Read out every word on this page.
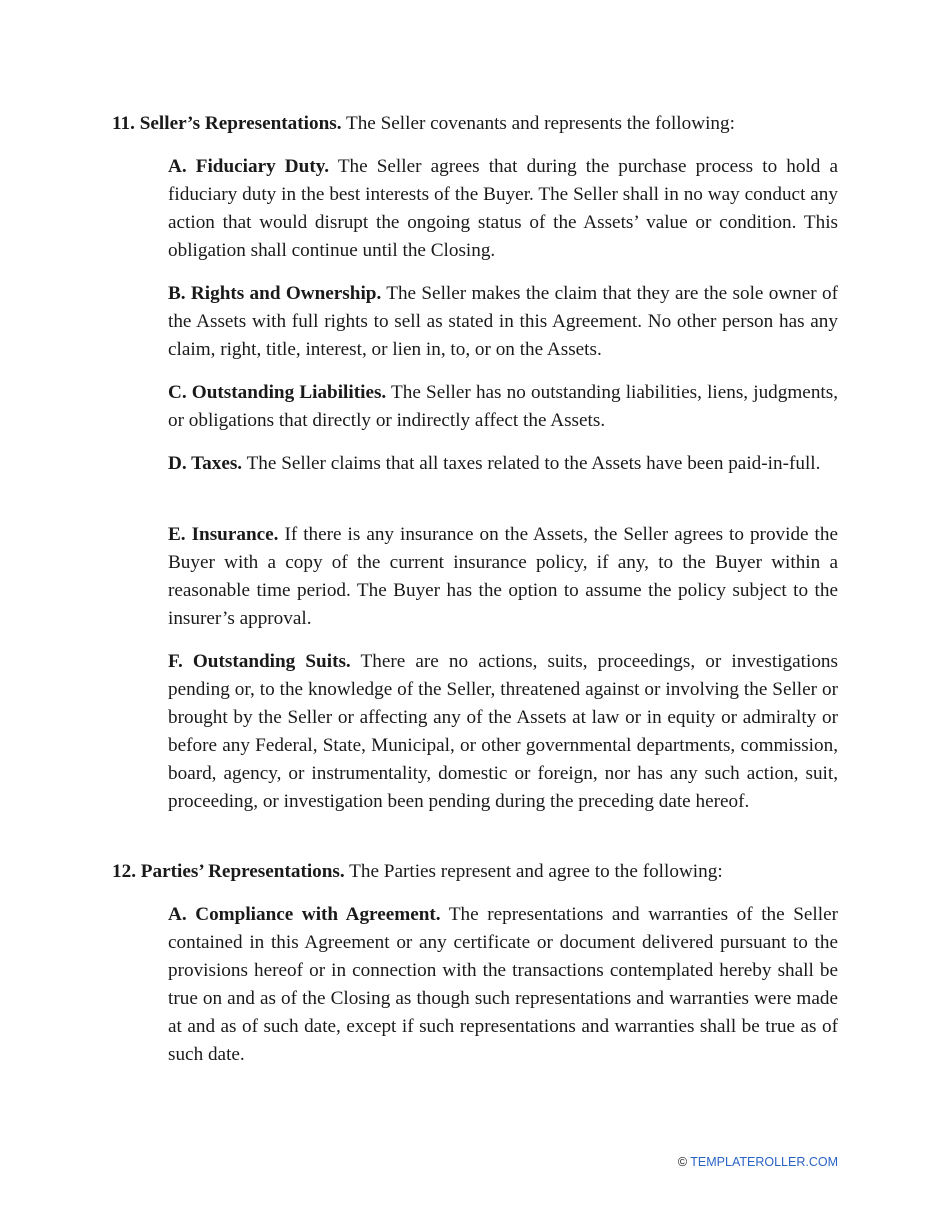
11. Seller’s Representations. The Seller covenants and represents the following:

A. Fiduciary Duty. The Seller agrees that during the purchase process to hold a fiduciary duty in the best interests of the Buyer. The Seller shall in no way conduct any action that would disrupt the ongoing status of the Assets’ value or condition. This obligation shall continue until the Closing.

B. Rights and Ownership. The Seller makes the claim that they are the sole owner of the Assets with full rights to sell as stated in this Agreement. No other person has any claim, right, title, interest, or lien in, to, or on the Assets.

C. Outstanding Liabilities. The Seller has no outstanding liabilities, liens, judgments, or obligations that directly or indirectly affect the Assets.

D. Taxes. The Seller claims that all taxes related to the Assets have been paid-in-full.

E. Insurance. If there is any insurance on the Assets, the Seller agrees to provide the Buyer with a copy of the current insurance policy, if any, to the Buyer within a reasonable time period. The Buyer has the option to assume the policy subject to the insurer’s approval.

F. Outstanding Suits. There are no actions, suits, proceedings, or investigations pending or, to the knowledge of the Seller, threatened against or involving the Seller or brought by the Seller or affecting any of the Assets at law or in equity or admiralty or before any Federal, State, Municipal, or other governmental departments, commission, board, agency, or instrumentality, domestic or foreign, nor has any such action, suit, proceeding, or investigation been pending during the preceding date hereof.

12. Parties’ Representations. The Parties represent and agree to the following:

A. Compliance with Agreement. The representations and warranties of the Seller contained in this Agreement or any certificate or document delivered pursuant to the provisions hereof or in connection with the transactions contemplated hereby shall be true on and as of the Closing as though such representations and warranties were made at and as of such date, except if such representations and warranties shall be true as of such date.

© TEMPLATEROLLER.COM
